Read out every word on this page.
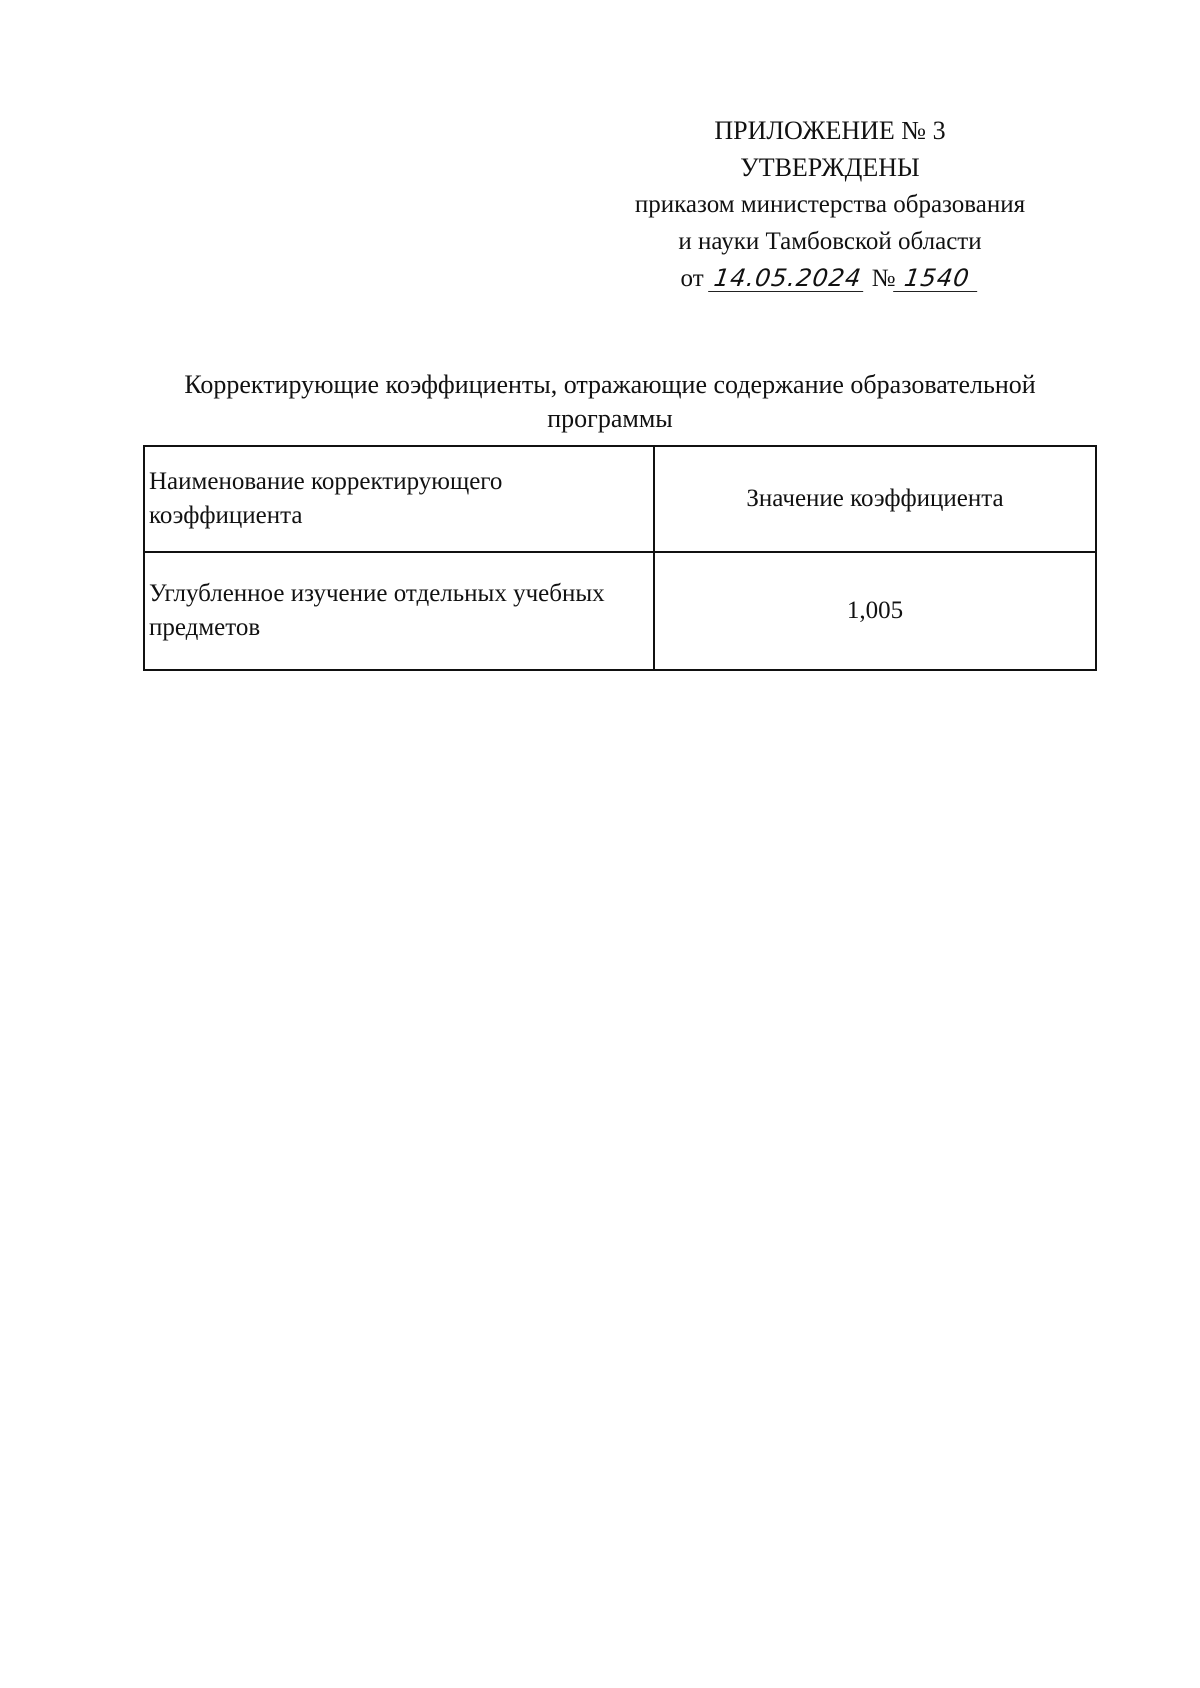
ПРИЛОЖЕНИЕ № 3
УТВЕРЖДЕНЫ
приказом министерства образования
и науки Тамбовской области
от 14.05.2024 № 1540
Корректирующие коэффициенты, отражающие содержание образовательной программы
Наименование корректирующего коэффициента	Значение коэффициента
Углубленное изучение отдельных учебных предметов	1,005
